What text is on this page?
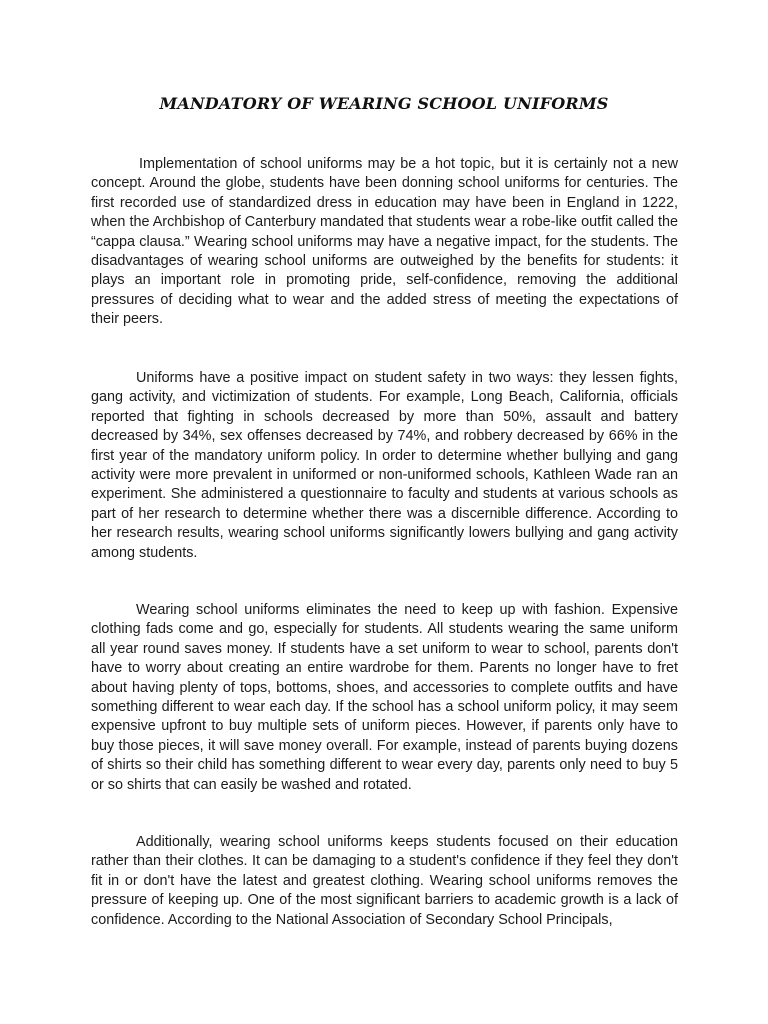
MANDATORY OF WEARING SCHOOL UNIFORMS

Implementation of school uniforms may be a hot topic, but it is certainly not a new concept. Around the globe, students have been donning school uniforms for centuries. The first recorded use of standardized dress in education may have been in England in 1222, when the Archbishop of Canterbury mandated that students wear a robe-like outfit called the “cappa clausa.” Wearing school uniforms may have a negative impact, for the students. The disadvantages of wearing school uniforms are outweighed by the benefits for students: it plays an important role in promoting pride, self-confidence, removing the additional pressures of deciding what to wear and the added stress of meeting the expectations of their peers.

Uniforms have a positive impact on student safety in two ways: they lessen fights, gang activity, and victimization of students. For example, Long Beach, California, officials reported that fighting in schools decreased by more than 50%, assault and battery decreased by 34%, sex offenses decreased by 74%, and robbery decreased by 66% in the first year of the mandatory uniform policy. In order to determine whether bullying and gang activity were more prevalent in uniformed or non-uniformed schools, Kathleen Wade ran an experiment. She administered a questionnaire to faculty and students at various schools as part of her research to determine whether there was a discernible difference. According to her research results, wearing school uniforms significantly lowers bullying and gang activity among students.

Wearing school uniforms eliminates the need to keep up with fashion. Expensive clothing fads come and go, especially for students. All students wearing the same uniform all year round saves money. If students have a set uniform to wear to school, parents don't have to worry about creating an entire wardrobe for them. Parents no longer have to fret about having plenty of tops, bottoms, shoes, and accessories to complete outfits and have something different to wear each day. If the school has a school uniform policy, it may seem expensive upfront to buy multiple sets of uniform pieces. However, if parents only have to buy those pieces, it will save money overall. For example, instead of parents buying dozens of shirts so their child has something different to wear every day, parents only need to buy 5 or so shirts that can easily be washed and rotated.

Additionally, wearing school uniforms keeps students focused on their education rather than their clothes. It can be damaging to a student's confidence if they feel they don't fit in or don't have the latest and greatest clothing. Wearing school uniforms removes the pressure of keeping up. One of the most significant barriers to academic growth is a lack of confidence. According to the National Association of Secondary School Principals,
